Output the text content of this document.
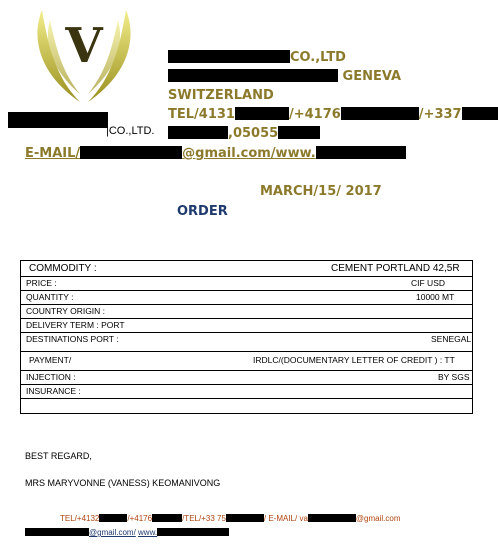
V	CO.,LTD
GENEVA
SWITZERLAND
TEL/4131	/+4176	/+337
|CO.,LTD.	,05055
E-MAIL/	@gmail.com/www.
MARCH/15/ 2017
ORDER
COMMODITY :	CEMENT PORTLAND 42,5R
PRICE :	CIF USD
QUANTITY :	10000 MT
COUNTRY ORIGIN :
DELIVERY TERM : PORT
DESTINATIONS PORT :	SENEGAL
PAYMENT/	IRDLC/(DOCUMENTARY LETTER OF CREDIT ) : TT
INJECTION :	BY SGS
INSURANCE :
BEST REGARD,
MRS MARYVONNE (VANESS) KEOMANIVONG
TEL/+4132	/+4176	/TEL/+33 75	/ E-MAIL/ va	@gmail.com
@gmail.com/ www.
